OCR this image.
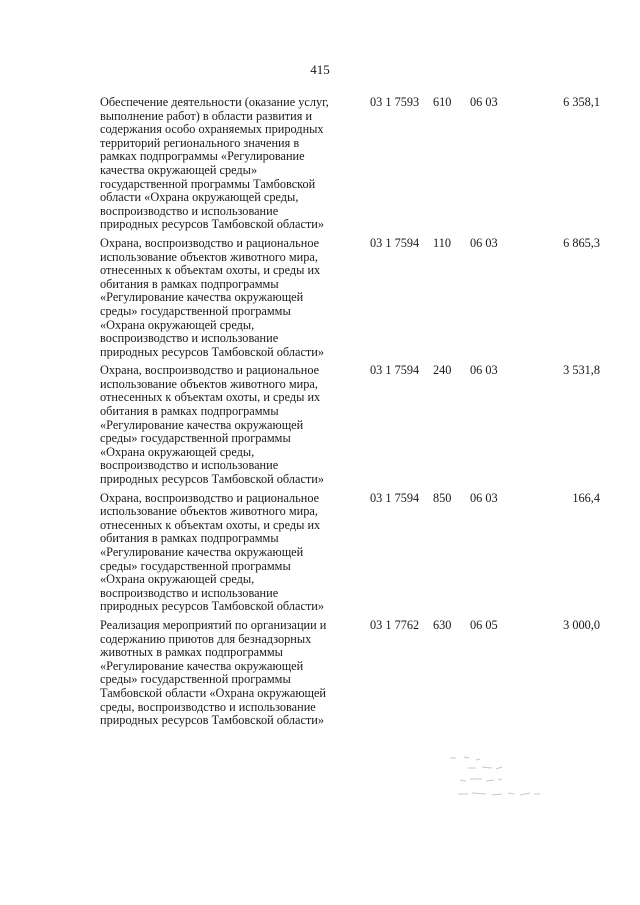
415
Обеспечение деятельности (оказание услуг,
выполнение работ) в области развития и
содержания особо охраняемых природных
территорий регионального значения в
рамках подпрограммы «Регулирование
качества окружающей среды»
государственной программы Тамбовской
области «Охрана окружающей среды,
воспроизводство и использование
природных ресурсов Тамбовской области»
03 1 7593 610 06 03	6 358,1
Охрана, воспроизводство и рациональное
использование объектов животного мира,
отнесенных к объектам охоты, и среды их
обитания в рамках подпрограммы
«Регулирование качества окружающей
среды» государственной программы
«Охрана окружающей среды,
воспроизводство и использование
природных ресурсов Тамбовской области»
03 1 7594 110 06 03	6 865,3
Охрана, воспроизводство и рациональное
использование объектов животного мира,
отнесенных к объектам охоты, и среды их
обитания в рамках подпрограммы
«Регулирование качества окружающей
среды» государственной программы
«Охрана окружающей среды,
воспроизводство и использование
природных ресурсов Тамбовской области»
03 1 7594 240 06 03	3 531,8
Охрана, воспроизводство и рациональное
использование объектов животного мира,
отнесенных к объектам охоты, и среды их
обитания в рамках подпрограммы
«Регулирование качества окружающей
среды» государственной программы
«Охрана окружающей среды,
воспроизводство и использование
природных ресурсов Тамбовской области»
03 1 7594 850 06 03	166,4
Реализация мероприятий по организации и
содержанию приютов для безнадзорных
животных в рамках подпрограммы
«Регулирование качества окружающей
среды» государственной программы
Тамбовской области «Охрана окружающей
среды, воспроизводство и использование
природных ресурсов Тамбовской области»
03 1 7762 630 06 05	3 000,0
